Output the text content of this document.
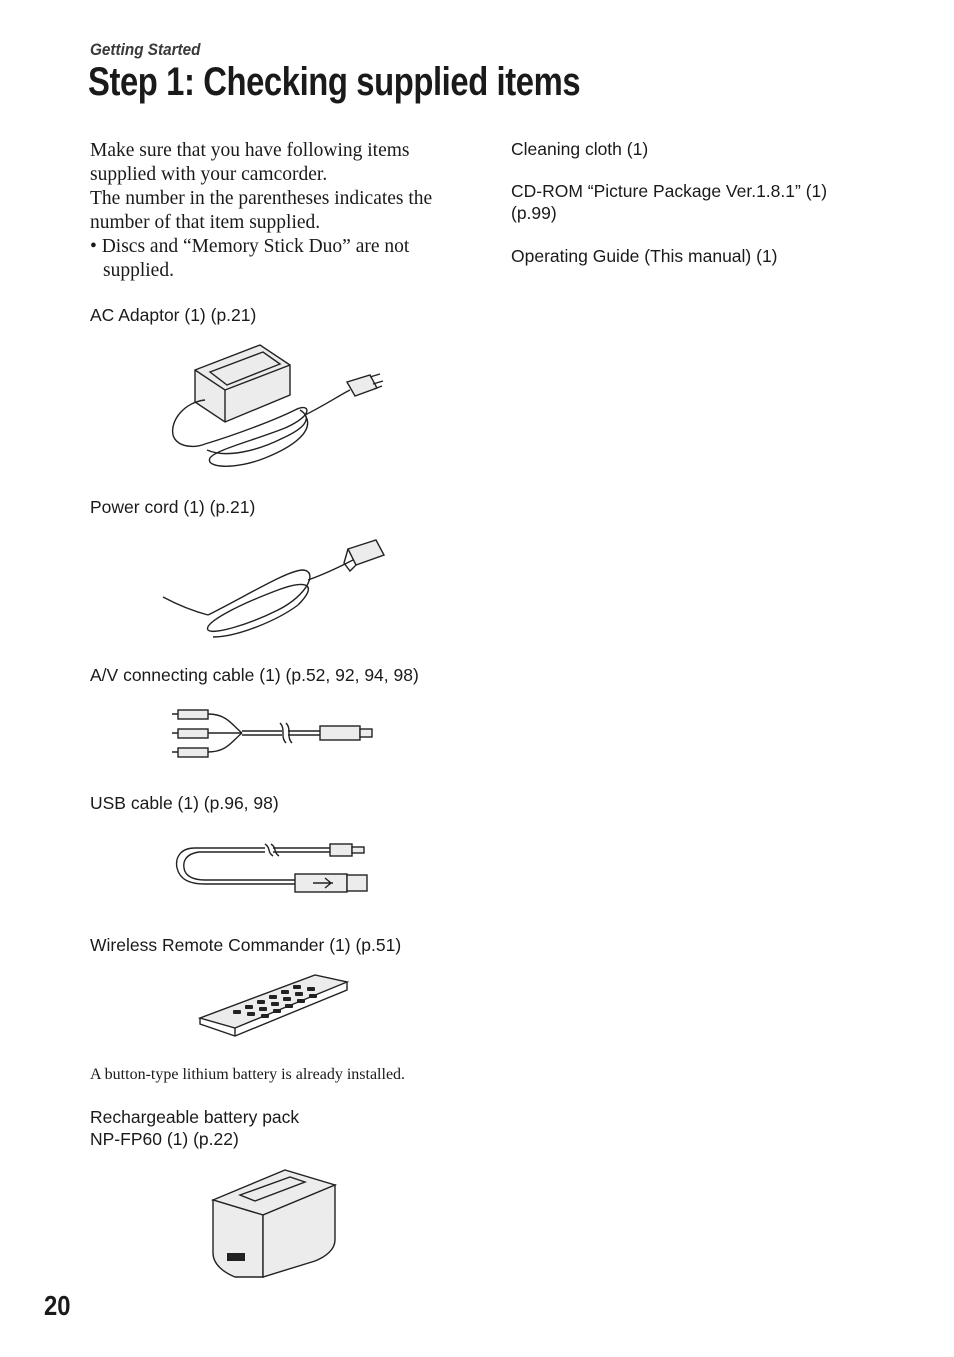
Getting Started
Step 1: Checking supplied items

Make sure that you have following items supplied with your camcorder.

The number in the parentheses indicates the number of that item supplied.

• Discs and “Memory Stick Duo” are not supplied.

AC Adaptor (1) (p.21)
Power cord (1) (p.21)
A/V connecting cable (1) (p.52, 92, 94, 98)
USB cable (1) (p.96, 98)
Wireless Remote Commander (1) (p.51)
A button-type lithium battery is already installed.
Rechargeable battery pack
NP-FP60 (1) (p.22)
Cleaning cloth (1)
CD-ROM “Picture Package Ver.1.8.1” (1)
(p.99)
Operating Guide (This manual) (1)
20
